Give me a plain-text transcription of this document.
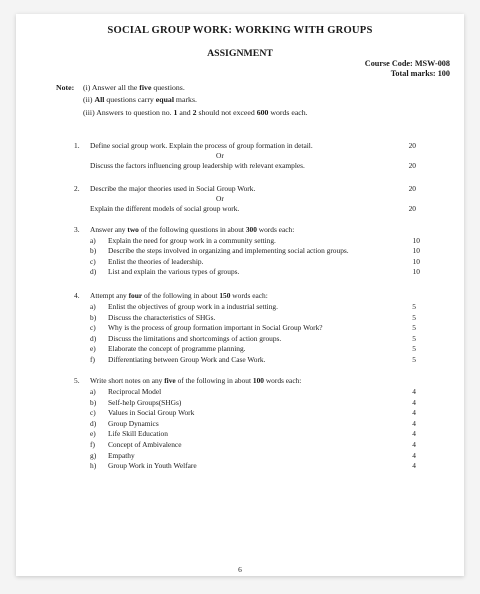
SOCIAL GROUP WORK: WORKING WITH GROUPS
ASSIGNMENT
Course Code: MSW-008
Total marks: 100
Note: (i) Answer all the five questions.
(ii) All questions carry equal marks.
(iii) Answers to question no. 1 and 2 should not exceed 600 words each.
1. Define social group work. Explain the process of group formation in detail.	20
Or
Discuss the factors influencing group leadership with relevant examples.	20
2. Describe the major theories used in Social Group Work.	20
Or
Explain the different models of social group work.	20
3. Answer any two of the following questions in about 300 words each:
a) Explain the need for group work in a community setting.	10
b) Describe the steps involved in organizing and implementing social action groups.	10
c) Enlist the theories of leadership.	10
d) List and explain the various types of groups.	10
4. Attempt any four of the following in about 150 words each:
a) Enlist the objectives of group work in a industrial setting.	5
b) Discuss the characteristics of SHGs.	5
c) Why is the process of group formation important in Social Group Work?	5
d) Discuss the limitations and shortcomings of action groups.	5
e) Elaborate the concept of programme planning.	5
f) Differentiating between Group Work and Case Work.	5
5. Write short notes on any five of the following in about 100 words each:
a) Reciprocal Model	4
b) Self-help Groups(SHGs)	4
c) Values in Social Group Work	4
d) Group Dynamics	4
e) Life Skill Education	4
f) Concept of Ambivalence	4
g) Empathy	4
h) Group Work in Youth Welfare	4
6
